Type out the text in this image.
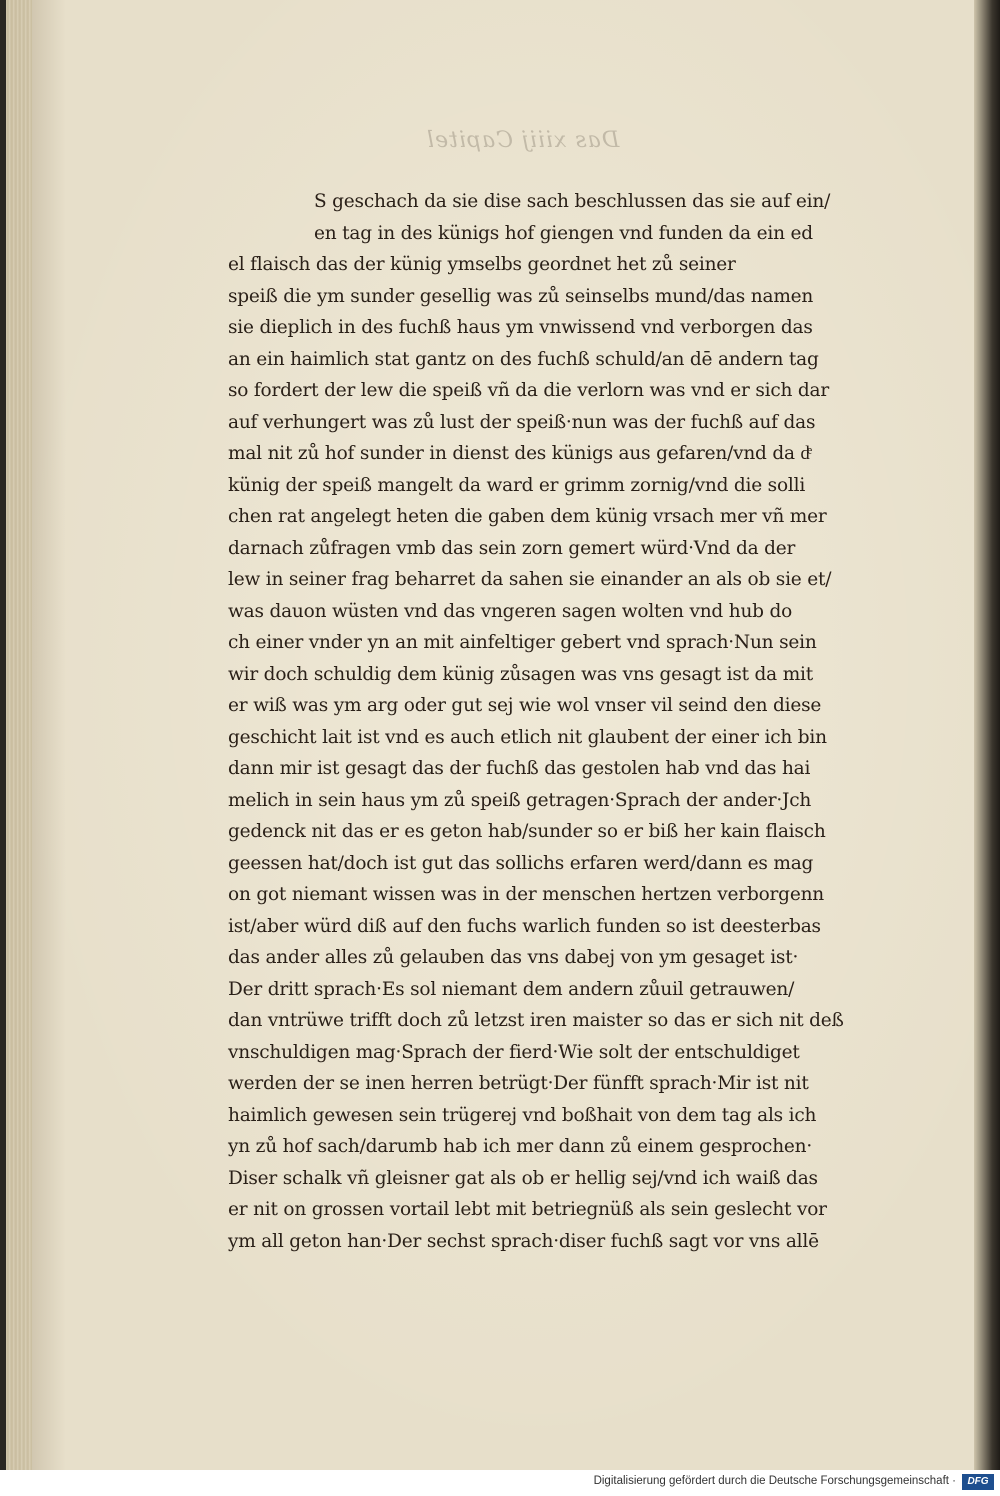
Das xiiij Capitel
S geschach da sie dise sach beschlussen das sie auf ein/
en tag in des künigs hof giengen vnd funden da ein ed
el flaisch das der künig ymselbs geordnet het zů seiner
speiß die ym sunder gesellig was zů seinselbs mund/das namen
sie dieplich in des fuchß haus ym vnwissend vnd verborgen das
an ein haimlich stat gantz on des fuchß schuld/an dē andern tag
so fordert der lew die speiß vñ da die verlorn was vnd er sich dar
auf verhungert was zů lust der speiß·nun was der fuchß auf das
mal nit zů hof sunder in dienst des künigs aus gefaren/vnd da dͤ
künig der speiß mangelt da ward er grimm zornig/vnd die solli
chen rat angelegt heten die gaben dem künig vrsach mer vñ mer
darnach zůfragen vmb das sein zorn gemert würd·Vnd da der
lew in seiner frag beharret da sahen sie einander an als ob sie et/
was dauon wüsten vnd das vngeren sagen wolten vnd hub do
ch einer vnder yn an mit ainfeltiger gebert vnd sprach·Nun sein
wir doch schuldig dem künig zůsagen was vns gesagt ist da mit
er wiß was ym arg oder gut sej wie wol vnser vil seind den diese
geschicht lait ist vnd es auch etlich nit glaubent der einer ich bin
dann mir ist gesagt das der fuchß das gestolen hab vnd das hai
melich in sein haus ym zů speiß getragen·Sprach der ander·Jch
gedenck nit das er es geton hab/sunder so er biß her kain flaisch
geessen hat/doch ist gut das sollichs erfaren werd/dann es mag
on got niemant wissen was in der menschen hertzen verborgenn
ist/aber würd diß auf den fuchs warlich funden so ist deesterbas
das ander alles zů gelauben das vns dabej von ym gesaget ist·
Der dritt sprach·Es sol niemant dem andern zůuil getrauwen/
dan vntrüwe trifft doch zů letzst iren maister so das er sich nit deß
vnschuldigen mag·Sprach der fierd·Wie solt der entschuldiget
werden der se inen herren betrügt·Der fünfft sprach·Mir ist nit
haimlich gewesen sein trügerej vnd boßhait von dem tag als ich
yn zů hof sach/darumb hab ich mer dann zů einem gesprochen·
Diser schalk vñ gleisner gat als ob er hellig sej/vnd ich waiß das
er nit on grossen vortail lebt mit betriegnüß als sein geslecht vor
ym all geton han·Der sechst sprach·diser fuchß sagt vor vns allē
Digitalisierung gefördert durch die Deutsche Forschungsgemeinschaft ·	DFG
